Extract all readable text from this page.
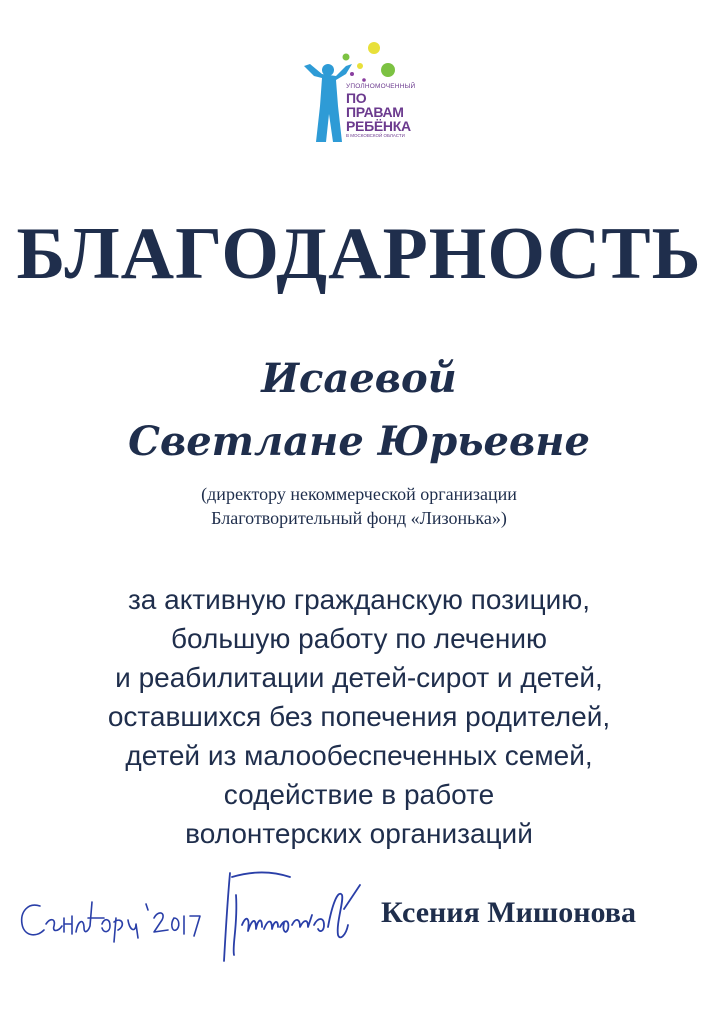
УПОЛНОМОЧЕННЫЙ
ПО ПРАВАМ
РЕБЁНКА
В МОСКОВСКОЙ ОБЛАСТИ
БЛАГОДАРНОСТЬ
Исаевой
Светлане Юрьевне
(директору некоммерческой организации
Благотворительный фонд «Лизонька»)
за активную гражданскую позицию,
большую работу по лечению
и реабилитации детей-сирот и детей,
оставшихся без попечения родителей,
детей из малообеспеченных семей,
содействие в работе
волонтерских организаций
Ксения Мишонова
